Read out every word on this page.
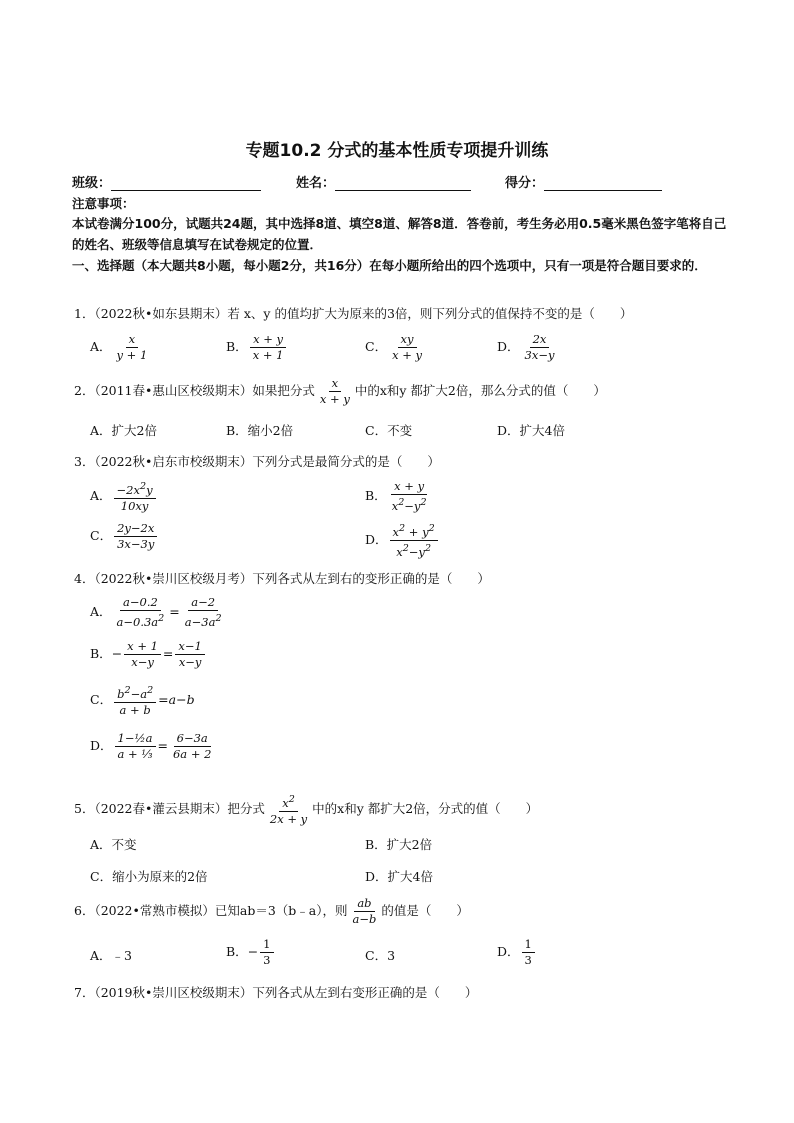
专题10.2 分式的基本性质专项提升训练
班级：	姓名：	得分：
注意事项：
本试卷满分100分，试题共24题，其中选择8道、填空8道、解答8道．答卷前，考生务必用0.5毫米黑色签字笔将自己的姓名、班级等信息填写在试卷规定的位置．
一、选择题（本大题共8小题，每小题2分，共16分）在每小题所给出的四个选项中，只有一项是符合题目要求的．
1．（2022秋•如东县期末）若 x、y 的值均扩大为原来的3倍，则下列分式的值保持不变的是（　　）
A． $\frac{x}{y + 1}$	B． $\frac{x + y}{x + 1}$	C． $\frac{xy}{x + y}$	D． $\frac{2x}{3x-y}$
2．（2011春•惠山区校级期末）如果把分式 $\frac{x}{x + y}$ 中的x和y 都扩大2倍，那么分式的值（　　）
A．扩大2倍	B．缩小2倍	C．不变	D．扩大4倍
3．（2022秋•启东市校级期末）下列分式是最简分式的是（　　）
A． $\frac{-2x^2y}{10xy}$	B． $\frac{x + y}{x^2-y^2}$
C． $\frac{2y-2x}{3x-3y}$	D． $\frac{x^2 + y^2}{x^2-y^2}$
4．（2022秋•崇川区校级月考）下列各式从左到右的变形正确的是（　　）
A． $\frac{a-0.2}{a-0.3a^2} = \frac{a-2}{a-3a^2}$
B．− $\frac{x + 1}{x-y} = \frac{x-1}{x-y}$
C． $\frac{b^2-a^2}{a + b} =a-b$
D． $\frac{\text{1−½a}}{\text{a + ⅓}} = \frac{6-3a}{6a + 2}$
5．（2022春•灌云县期末）把分式 $\frac{x^2}{2x + y}$ 中的x和y 都扩大2倍，分式的值（　　）
A．不变	B．扩大2倍
C．缩小为原来的2倍	D．扩大4倍
6．（2022•常熟市模拟）已知ab＝3（b﹣a），则 $\frac{ab}{a-b}$ 的值是（　　）
A．﹣3	B．− $\frac{1}{3}$	C．3	D． $\frac{1}{3}$
7．（2019秋•崇川区校级期末）下列各式从左到右变形正确的是（　　）
